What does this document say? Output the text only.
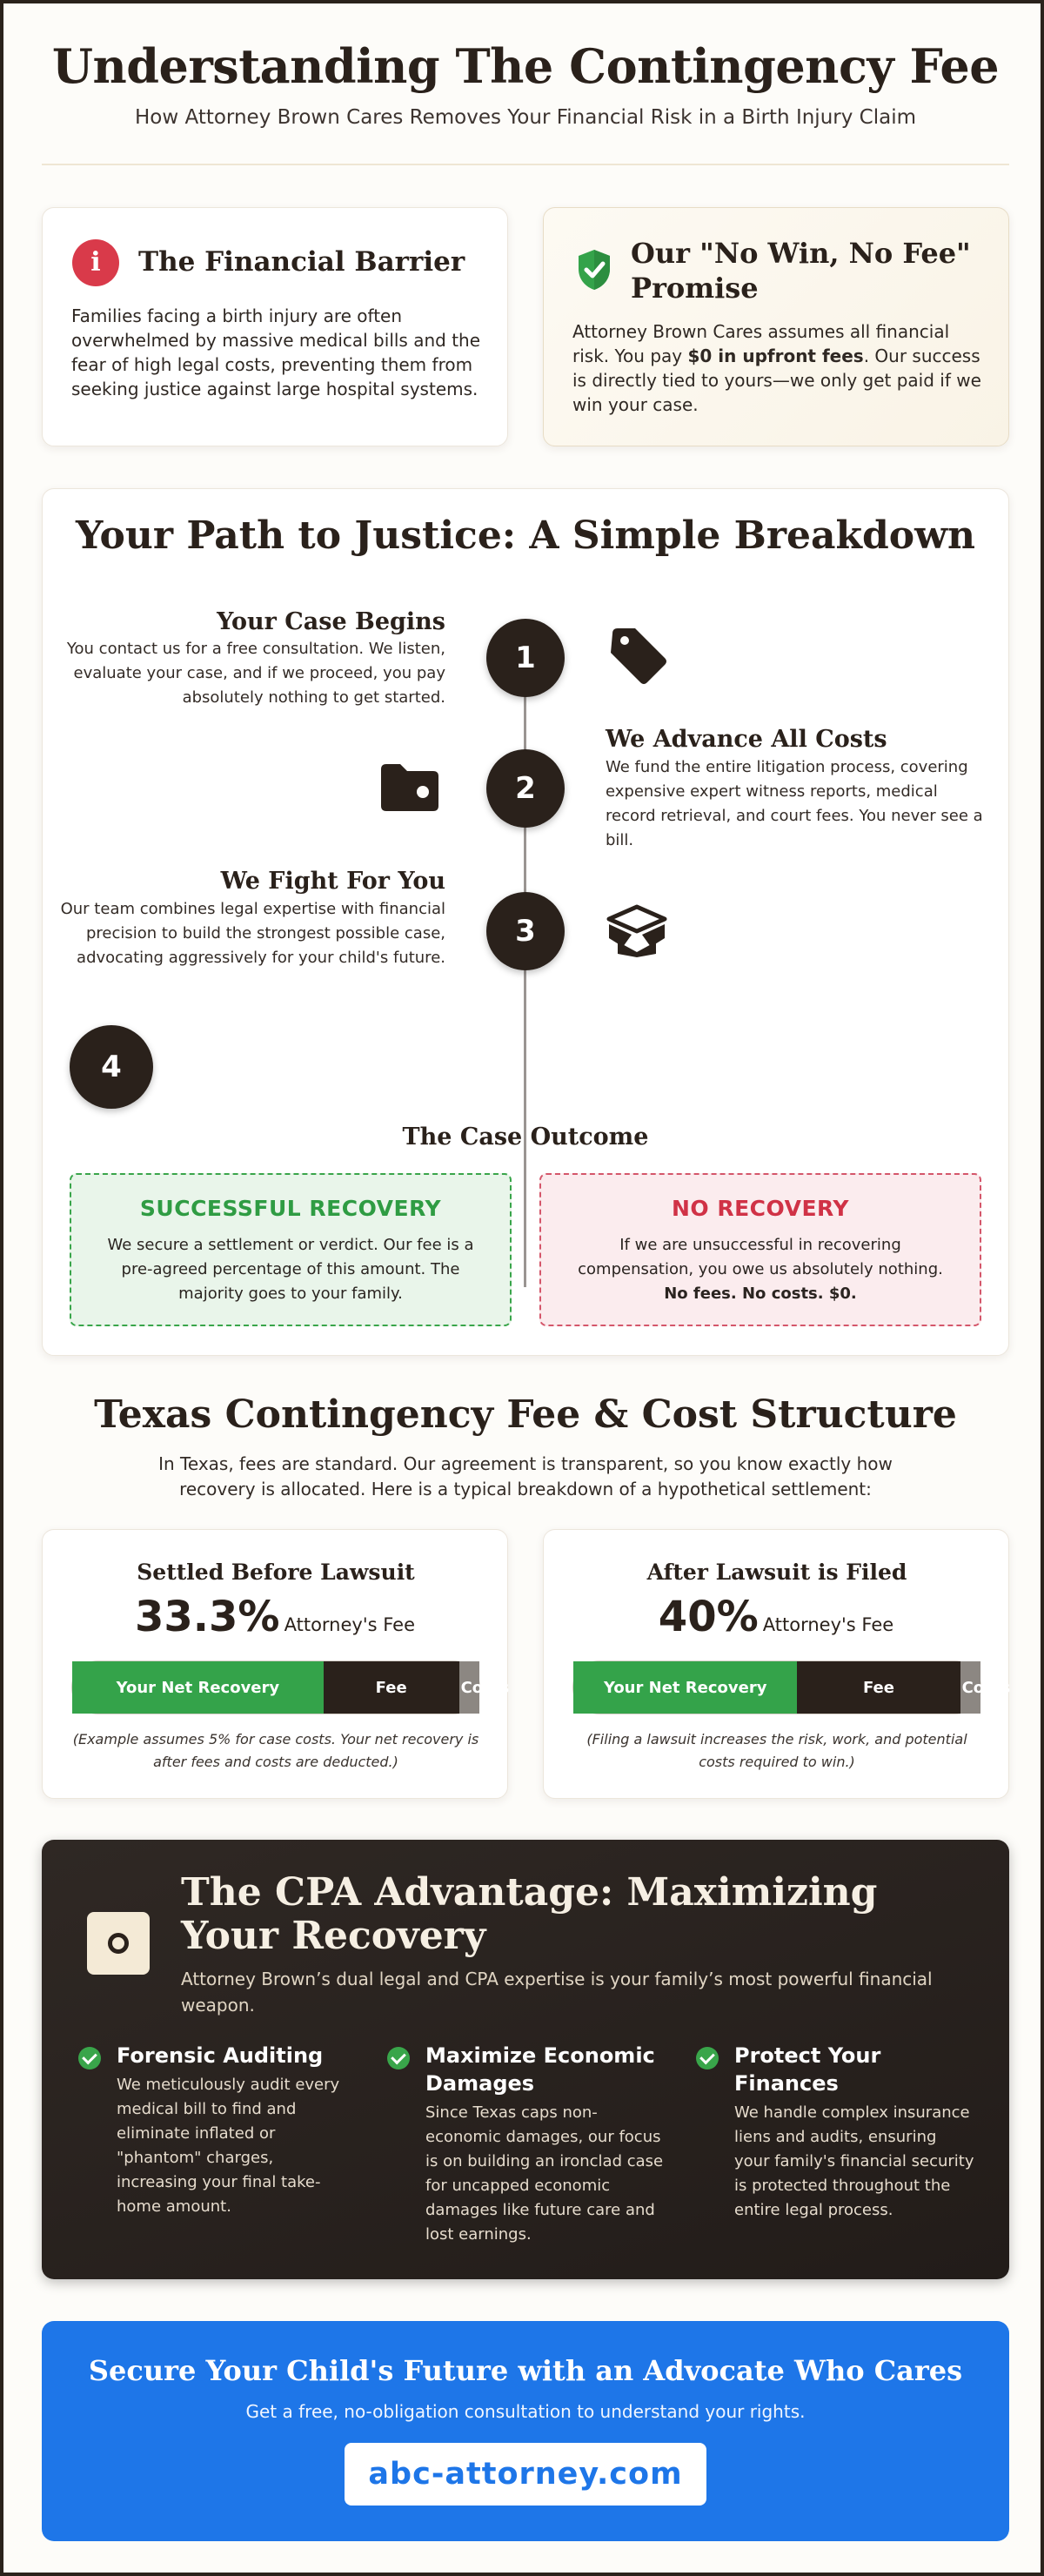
Understanding The Contingency Fee

How Attorney Brown Cares Removes Your Financial Risk in a Birth Injury Claim

i	The Financial Barrier
Families facing a birth injury are often overwhelmed by massive medical bills and the fear of high legal costs, preventing them from seeking justice against large hospital systems.
Our "No Win, No Fee" Promise
Attorney Brown Cares assumes all financial risk. You pay $0 in upfront fees. Our success is directly tied to yours—we only get paid if we win your case.
Your Path to Justice: A Simple Breakdown
Your Case Begins
You contact us for a free consultation. We listen, evaluate your case, and if we proceed, you pay absolutely nothing to get started.
1
2
We Advance All Costs
We fund the entire litigation process, covering expensive expert witness reports, medical record retrieval, and court fees. You never see a bill.
We Fight For You
Our team combines legal expertise with financial precision to build the strongest possible case, advocating aggressively for your child's future.
3
4
The Case Outcome
SUCCESSFUL RECOVERY

We secure a settlement or verdict. Our fee is a pre-agreed percentage of this amount. The majority goes to your family.

NO RECOVERY

If we are unsuccessful in recovering compensation, you owe us absolutely nothing. No fees. No costs. $0.

Texas Contingency Fee & Cost Structure
In Texas, fees are standard. Our agreement is transparent, so you know exactly how recovery is allocated. Here is a typical breakdown of a hypothetical settlement:
Settled Before Lawsuit
33.3% Attorney's Fee
Your Net Recovery	Fee	Costs
(Example assumes 5% for case costs. Your net recovery is after fees and costs are deducted.)
After Lawsuit is Filed
40% Attorney's Fee
Your Net Recovery	Fee	Costs
(Filing a lawsuit increases the risk, work, and potential costs required to win.)
The CPA Advantage: Maximizing Your Recovery
Attorney Brown’s dual legal and CPA expertise is your family’s most powerful financial weapon.
Forensic Auditing

We meticulously audit every medical bill to find and eliminate inflated or "phantom" charges, increasing your final take-home amount.

Maximize Economic Damages

Since Texas caps non-economic damages, our focus is on building an ironclad case for uncapped economic damages like future care and lost earnings.

Protect Your Finances

We handle complex insurance liens and audits, ensuring your family's financial security is protected throughout the entire legal process.

Secure Your Child's Future with an Advocate Who Cares

Get a free, no-obligation consultation to understand your rights.

abc-attorney.com
